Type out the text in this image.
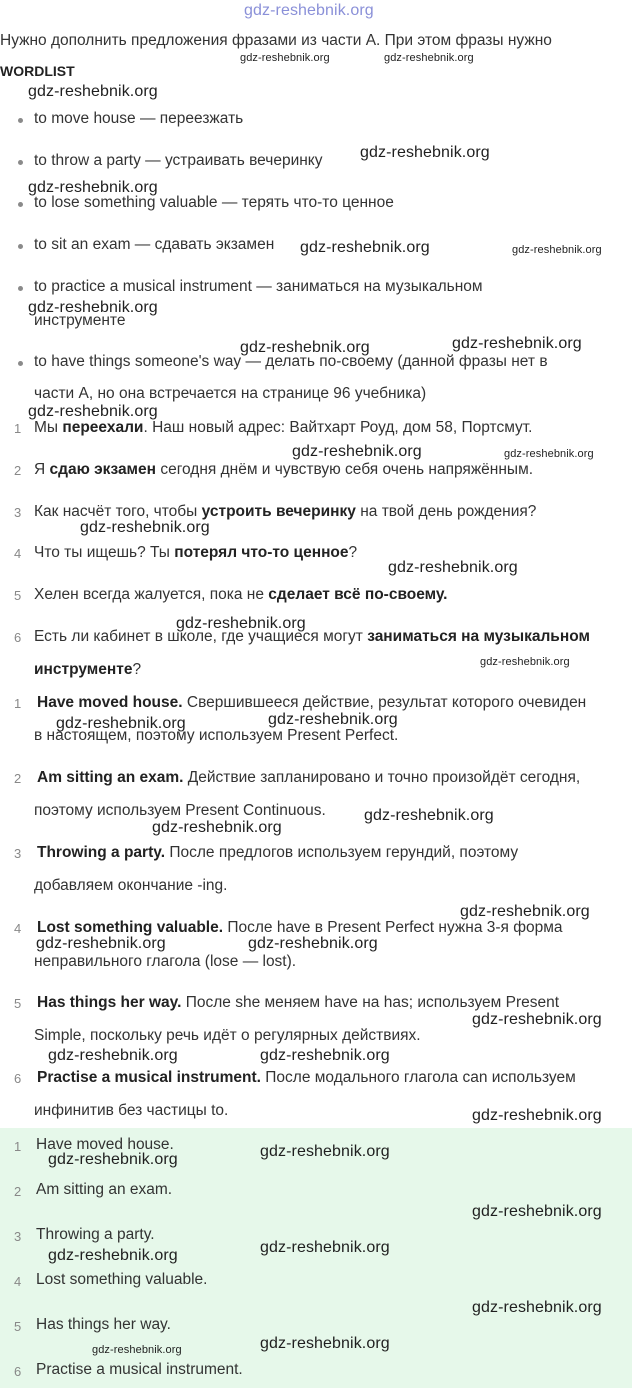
gdz-reshebnik.org
Нужно дополнить предложения фразами из части А. При этом фразы нужно
WORDLIST
to move house — переезжать
to throw a party — устраивать вечеринку
to lose something valuable — терять что-то ценное
to sit an exam — сдавать экзамен
to practice a musical instrument — заниматься на музыкальном
инструменте
to have things someone's way — делать по-своему (данной фразы нет в
части А, но она встречается на странице 96 учебника)
1 Мы переехали. Наш новый адрес: Вайтхарт Роуд, дом 58, Портсмут.
2 Я сдаю экзамен сегодня днём и чувствую себя очень напряжённым.
3 Как насчёт того, чтобы устроить вечеринку на твой день рождения?
4 Что ты ищешь? Ты потерял что-то ценное?
5 Хелен всегда жалуется, пока не сделает всё по-своему.
6 Есть ли кабинет в школе, где учащиеся могут заниматься на музыкальном
инструменте?
1 Have moved house. Свершившееся действие, результат которого очевиден
в настоящем, поэтому используем Present Perfect.
2 Am sitting an exam. Действие запланировано и точно произойдёт сегодня,
поэтому используем Present Continuous.
3 Throwing a party. После предлогов используем герундий, поэтому
добавляем окончание -ing.
4 Lost something valuable. После have в Present Perfect нужна 3-я форма
неправильного глагола (lose — lost).
5 Has things her way. После she меняем have на has; используем Present
Simple, поскольку речь идёт о регулярных действиях.
6 Practise a musical instrument. После модального глагола can используем
инфинитив без частицы to.
1 Have moved house.
2 Am sitting an exam.
3 Throwing a party.
4 Lost something valuable.
5 Has things her way.
6 Practise a musical instrument.
gdz-reshebnik.org	gdz-reshebnik.org
gdz-reshebnik.org
gdz-reshebnik.org
gdz-reshebnik.org
gdz-reshebnik.org	gdz-reshebnik.org
gdz-reshebnik.org
gdz-reshebnik.org
gdz-reshebnik.org
gdz-reshebnik.org
gdz-reshebnik.org	gdz-reshebnik.org
gdz-reshebnik.org
gdz-reshebnik.org
gdz-reshebnik.org
gdz-reshebnik.org
gdz-reshebnik.org	gdz-reshebnik.org
gdz-reshebnik.org
gdz-reshebnik.org
gdz-reshebnik.org
gdz-reshebnik.org	gdz-reshebnik.org
gdz-reshebnik.org
gdz-reshebnik.org	gdz-reshebnik.org
gdz-reshebnik.org
gdz-reshebnik.org	gdz-reshebnik.org
gdz-reshebnik.org
gdz-reshebnik.org	gdz-reshebnik.org
gdz-reshebnik.org
gdz-reshebnik.org	gdz-reshebnik.org
